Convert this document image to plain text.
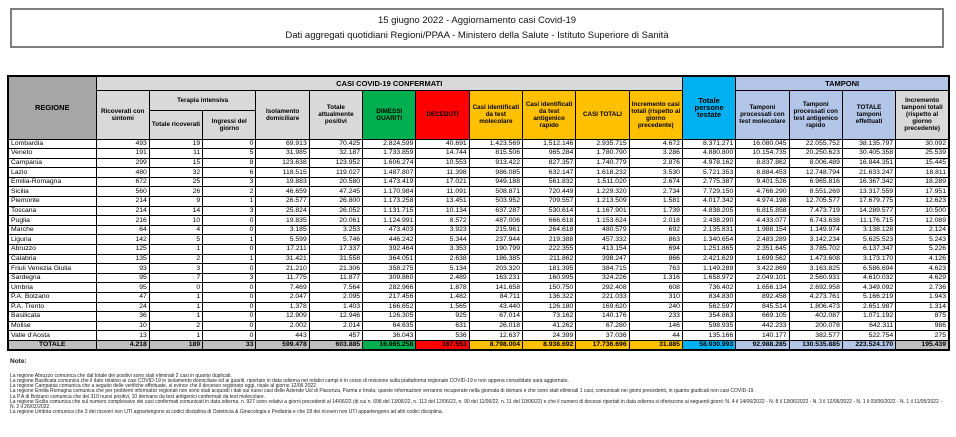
15 giugno 2022 - Aggiornamento casi Covid-19
Dati aggregati quotidiani Regioni/PPAA - Ministero della Salute - Istituto Superiore di Sanità
REGIONE	CASI COVID-19 CONFERMATI											Totale persone testate	TAMPONI			
	Ricoverati con sintomi	Terapia intensiva		Isolamento domiciliare	Totale attualmente positivi	DIMESSI GUARITI	DECEDUTI	Casi identificati da test molecolare	Casi identificati da test antigenico rapido	CASI TOTALI	Incremento casi totali (rispetto al giorno precedente)		Tamponi processati con test molecolare	Tamponi processati con test antigenico rapido	TOTALE tamponi effettuati	Incremento tamponi totali (rispetto al giorno precedente)
		Totale ricoverati	Ingressi del giorno													
Lombardia	493	19	0	69.913	70.425	2.824.599	40.691	1.423.569	1.512.146	2.935.715	4.672	8.371.271	16.080.045	22.055.752	38.135.797	30.092
Veneto	191	11	5	31.985	32.187	1.733.859	14.744	815.506	965.284	1.780.790	3.286	4.880.800	10.154.735	20.250.623	30.405.358	25.539
Campania	299	15	8	123.638	123.952	1.606.274	10.553	913.422	827.357	1.740.779	2.876	4.978.162	8.837.862	8.006.489	16.844.351	15.445
Lazio	480	32	6	118.515	119.027	1.487.807	11.398	986.085	632.147	1.618.232	3.530	5.721.353	8.884.453	12.748.794	21.633.247	18.811
Emilia-Romagna	672	25	3	19.883	20.580	1.473.419	17.021	949.188	561.832	1.511.020	2.674	2.775.387	9.401.526	6.965.816	16.367.342	18.289
Sicilia	560	26	2	46.659	47.245	1.170.984	11.091	508.871	720.449	1.229.320	2.734	7.729.150	4.766.290	8.551.269	13.317.559	17.951
Piemonte	214	9	1	26.577	26.800	1.173.258	13.451	503.952	709.557	1.213.509	1.581	4.017.342	4.974.198	12.705.577	17.679.775	12.623
Toscana	214	14	3	25.824	26.052	1.131.715	10.134	637.287	530.614	1.167.901	1.739	4.838.205	6.815.858	7.473.719	14.289.577	10.500
Puglia	216	10	0	19.835	20.061	1.124.991	8.572	487.006	666.618	1.153.624	2.018	2.438.290	4.433.077	6.743.638	11.176.715	12.089
Marche	64	4	0	3.185	3.253	473.403	3.923	215.961	264.618	480.579	692	2.135.831	1.988.154	1.149.974	3.138.128	2.124
Liguria	142	5	1	5.599	5.746	446.242	5.344	237.944	219.388	457.332	863	1.340.654	2.483.289	3.142.234	5.625.523	5.243
Abruzzo	125	1	0	17.211	17.337	392.464	3.353	190.799	222.355	413.154	694	1.251.865	2.351.645	3.785.702	6.137.347	5.226
Calabria	135	2	1	31.421	31.558	364.051	2.638	186.385	211.862	398.247	866	2.421.629	1.699.562	1.473.608	3.173.170	4.126
Friuli Venezia Giulia	93	3	0	21.210	21.306	358.275	5.134	203.320	181.395	384.715	763	1.149.289	3.422.869	3.163.825	6.586.694	4.623
Sardegna	95	7	3	11.775	11.877	309.860	2.489	163.231	160.995	324.226	1.316	1.658.972	2.049.101	2.560.931	4.610.032	4.629
Umbria	95	0	0	7.469	7.564	282.966	1.878	141.658	150.750	292.408	608	736.402	1.656.134	2.692.958	4.349.092	2.736
P.A. Bolzano	47	1	0	2.047	2.095	217.456	1.482	84.711	136.322	221.033	310	834.830	892.458	4.273.761	5.166.219	1.943
P.A. Trento	24	1	0	1.378	1.403	166.652	1.565	43.440	126.180	169.620	240	562.597	845.514	1.806.473	2.651.987	1.314
Basilicata	36	1	0	12.909	12.946	126.305	925	67.014	73.162	140.176	233	354.863	669.105	402.087	1.071.192	875
Molise	10	2	0	2.002	2.014	64.635	631	26.018	41.262	67.280	146	598.935	442.233	200.078	642.311	986
Valle d'Aosta	13	1	0	443	457	36.043	536	12.637	24.399	37.036	44	135.166	140.177	382.577	522.754	275
TOTALE	4.218	189	33	599.478	603.885	16.965.258	167.553	8.798.004	8.938.692	17.736.696	31.885	58.930.993	92.988.285	130.535.885	223.524.170	195.439
Note:
La regione Abruzzo comunica che dal totale dei positivi sono stati eliminati 2 casi in quanto duplicati.
La regione Basilicata comunica che il dato relativo ai casi COVID-19 in isolamento domiciliare ed ai guariti, riportato in data odierna nei relativi campi è in corso di revisione sulla piattaforma regionale COVID-19 e non appena consolidato sarà aggiornato.
La regione Campania comunica che a seguito delle verifiche effettuate, si evince che il decesso registrato oggi, risale al giorno 12/06 2022.
La regione Emilia Romagna comunica che per problemi informatici regionali non sono stati acquisiti i dati sui nuovi casi delle Aziende Usl di Piacenza, Parma e Imola; queste informazioni verranno recuperate nella giornata di domani e che sono stati eliminati 1 casi, comunicati nei giorni precedenti, in quanto giudicati non casi COVID-19.
La P.A di Bolzano comunica che dei 310 nuovi positivi, 10 derivano da test antigenici confermati da test molecolare.
La regione Sicilia comunica che sul numero complessivo dei casi confermati comunicati in data odierna, n. 927 sono relativi a giorni precedenti al 14/06/22 (di cui n. 698 del 13/06/22, n. 113 del 12/06/22, n. 90 del 11/06/22, n. 11 del 10/06/22) e che il numero di decessi riportati in data odierna si riferiscono ai seguenti giorni: N. 4 il 14/06/2022 - N. 8 il 13/06/2022 - N. 3 il 12/06/2022 - N. 1 il 03/06/2022 - N. 1 il 11/05/2022 - N. 2 il 26/02/2022.
La regione Umbria comunica che 3 dei ricoveri non UTI appartengono ai codici disciplina di Ostetricia & Ginecologia e Pediatria e che 18 dei ricoveri non UTI appartengono ad altri codici disciplina.
